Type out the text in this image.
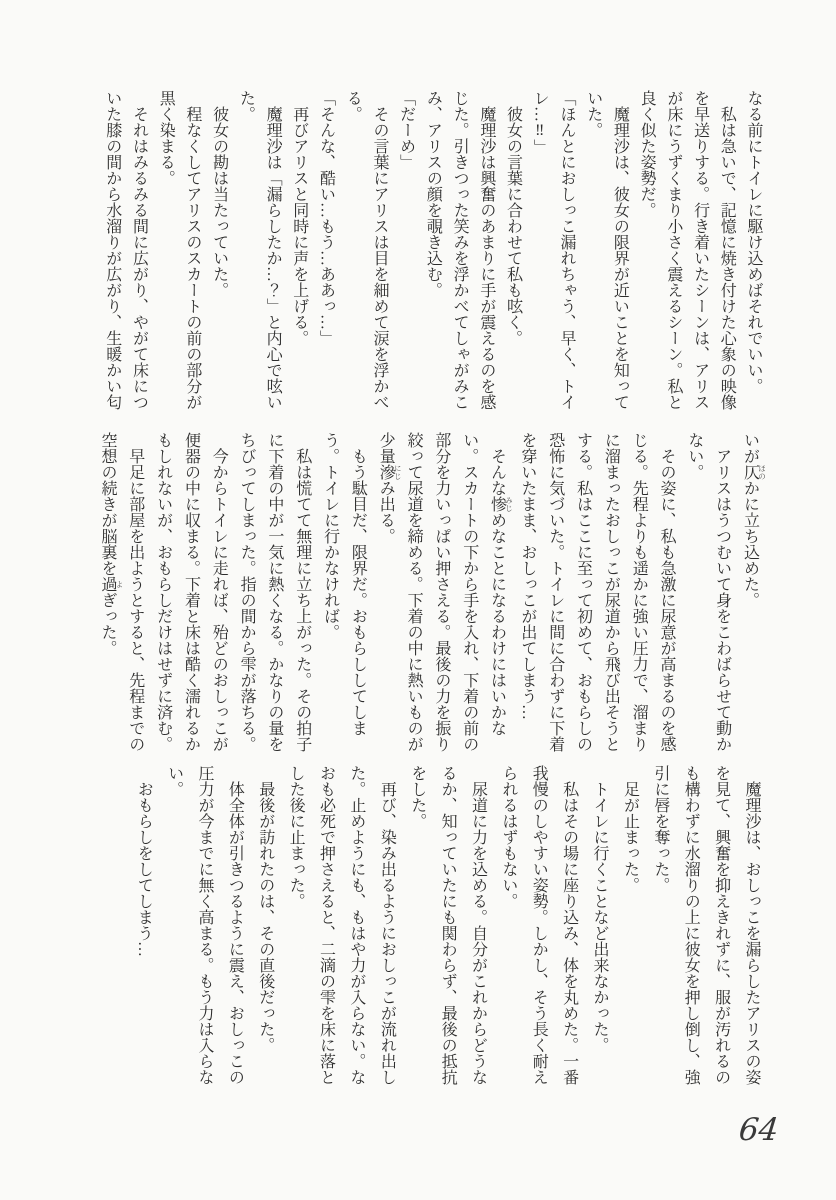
なる前にトイレに駆け込めばそれでいい。

　私は急いで、記憶に焼き付けた心象の映像を早送りする。行き着いたシーンは、アリスが床にうずくまり小さく震えるシーン。私と良く似た姿勢だ。

　魔理沙は、彼女の限界が近いことを知っていた。

「ほんとにおしっこ漏れちゃう、早く、トイレ…‼」

　彼女の言葉に合わせて私も呟く。

　魔理沙は興奮のあまりに手が震えるのを感じた。引きつった笑みを浮かべてしゃがみこみ、アリスの顔を覗き込む。

「だーめ」

　その言葉にアリスは目を細めて涙を浮かべる。

「そんな、酷い…もう…ああっ…」

　再びアリスと同時に声を上げる。

　魔理沙は「漏らしたか…？」と内心で呟いた。

　彼女の勘は当たっていた。

　程なくしてアリスのスカートの前の部分が黒く染まる。

　それはみるみる間に広がり、やがて床についた膝の間から水溜りが広がり、生暖かい匂

いが仄 ほのかに立ち込めた。

　アリスはうつむいて身をこわばらせて動かない。

　その姿に、私も急激に尿意が高まるのを感じる。先程よりも遥かに強い圧力で、溜まりに溜まったおしっこが尿道から飛び出そうとする。私はここに至って初めて、おもらしの恐怖に気づいた。トイレに間に合わずに下着を穿いたまま、おしっこが出てしまう…

　そんな惨 みじめなことになるわけにはいかない。スカートの下から手を入れ、下着の前の部分を力いっぱい押さえる。最後の力を振り絞って尿道を締める。下着の中に熱いものが少量滲 にじみ出る。

　もう駄目だ、限界だ。おもらししてしまう。トイレに行かなければ。

　私は慌てて無理に立ち上がった。その拍子に下着の中が一気に熱くなる。かなりの量をちびってしまった。指の間から雫が落ちる。

　今からトイレに走れば、殆どのおしっこが便器の中に収まる。下着と床は酷く濡れるかもしれないが、おもらしだけはせずに済む。

　早足に部屋を出ようとすると、先程までの空想の続きが脳裏を過 よぎった。

　魔理沙は、おしっこを漏らしたアリスの姿を見て、興奮を抑えきれずに、服が汚れるのも構わずに水溜りの上に彼女を押し倒し、強引に唇を奪った。

　足が止まった。

　トイレに行くことなど出来なかった。

　私はその場に座り込み、体を丸めた。一番我慢のしやすい姿勢。しかし、そう長く耐えられるはずもない。

　尿道に力を込める。自分がこれからどうなるか、知っていたにも関わらず、最後の抵抗をした。

　再び、染み出るようにおしっこが流れ出した。止めようにも、もはや力が入らない。なおも必死で押さえると、二滴の雫を床に落とした後に止まった。

　最後が訪れたのは、その直後だった。

　体全体が引きつるように震え、おしっこの圧力が今までに無く高まる。もう力は入らない。

　おもらしをしてしまう…

64
